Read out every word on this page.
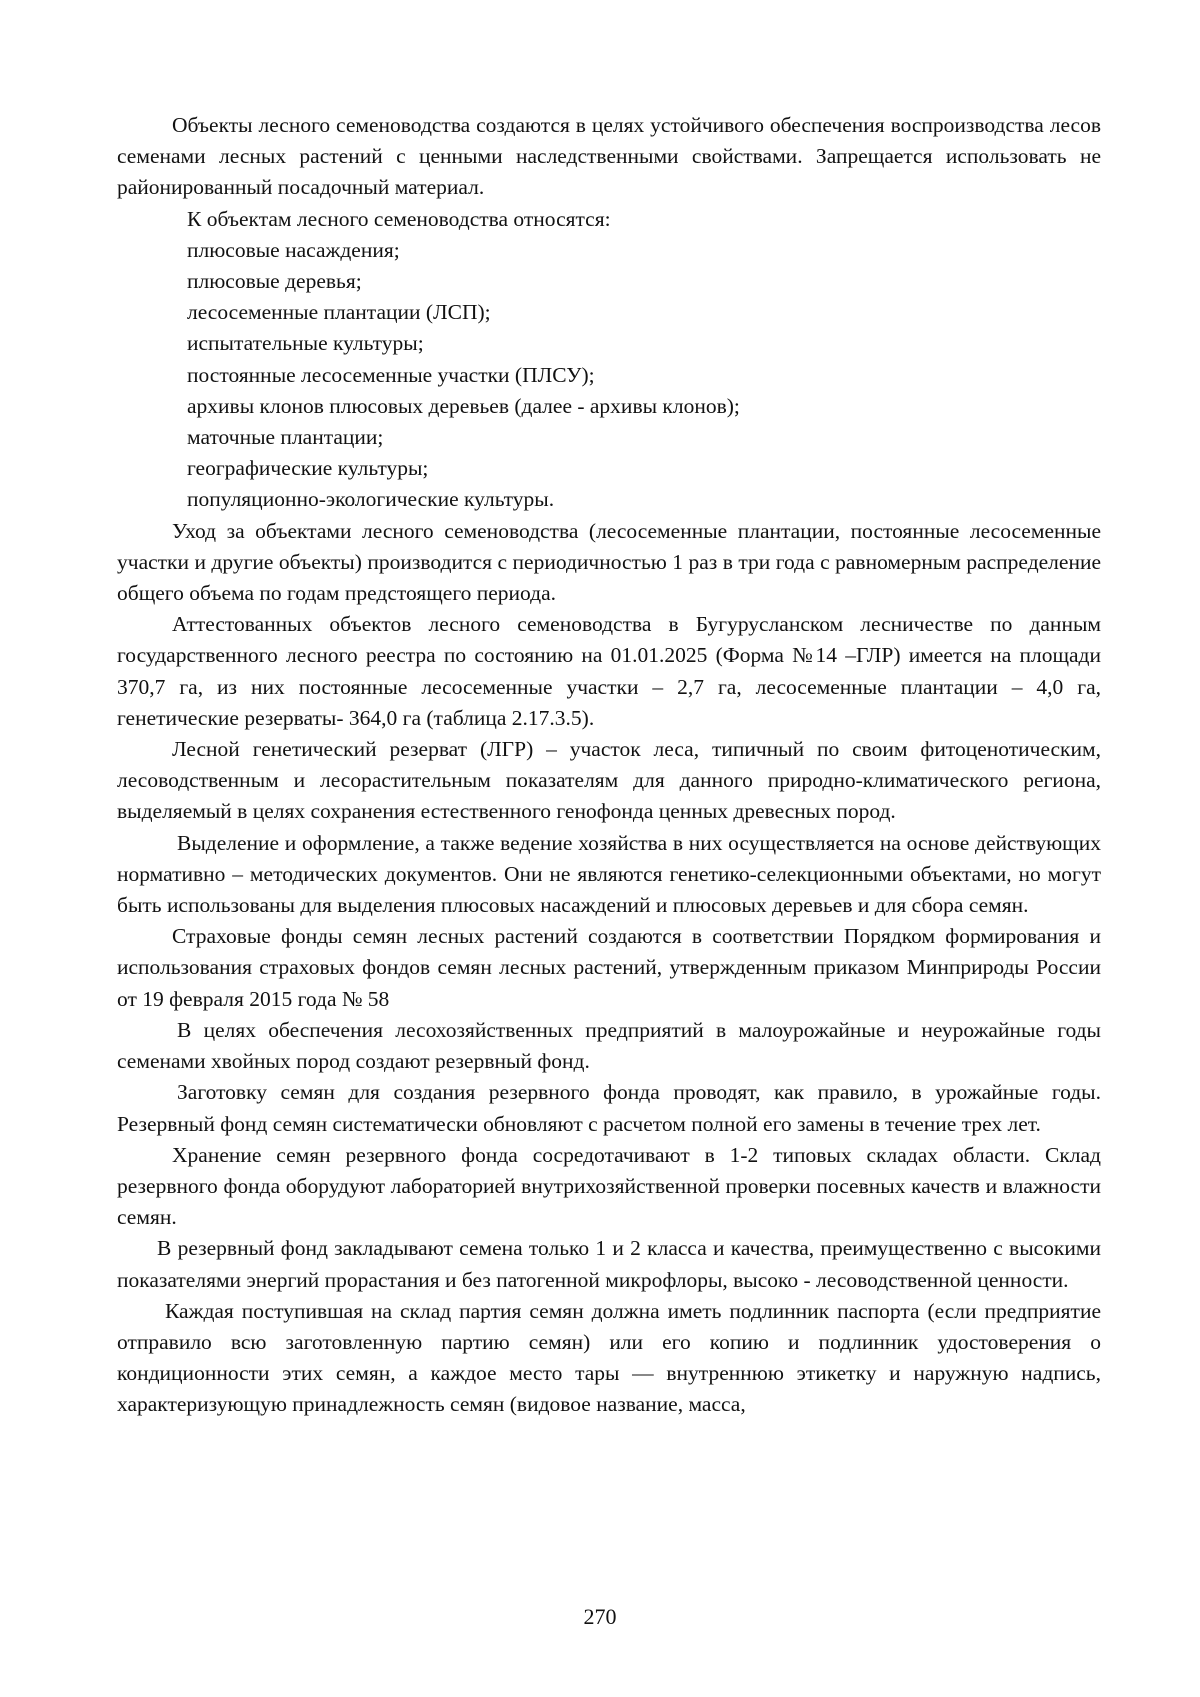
Объекты лесного семеноводства создаются в целях устойчивого обеспечения воспроизводства лесов семенами лесных растений с ценными наследственными свойствами. Запрещается использовать не районированный посадочный материал.

К объектам лесного семеноводства относятся:

плюсовые насаждения;
плюсовые деревья;
лесосеменные плантации (ЛСП);
испытательные культуры;
постоянные лесосеменные участки (ПЛСУ);
архивы клонов плюсовых деревьев (далее - архивы клонов);
маточные плантации;
географические культуры;
популяционно-экологические культуры.

Уход за объектами лесного семеноводства (лесосеменные плантации, постоянные лесосеменные участки и другие объекты) производится с периодичностью 1 раз в три года с равномерным распределение общего объема по годам предстоящего периода.

Аттестованных объектов лесного семеноводства в Бугурусланском лесничестве по данным государственного лесного реестра по состоянию на 01.01.2025 (Форма №14 –ГЛР) имеется на площади 370,7 га, из них постоянные лесосеменные участки – 2,7 га, лесосеменные плантации – 4,0 га, генетические резерваты- 364,0 га (таблица 2.17.3.5).

Лесной генетический резерват (ЛГР) – участок леса, типичный по своим фитоценотическим, лесоводственным и лесорастительным показателям для данного природно-климатического региона, выделяемый в целях сохранения естественного генофонда ценных древесных пород.

Выделение и оформление, а также ведение хозяйства в них осуществляется на основе действующих нормативно – методических документов. Они не являются генетико-селекционными объектами, но могут быть использованы для выделения плюсовых насаждений и плюсовых деревьев и для сбора семян.

Страховые фонды семян лесных растений создаются в соответствии Порядком формирования и использования страховых фондов семян лесных растений, утвержденным приказом Минприроды России от 19 февраля 2015 года № 58

В целях обеспечения лесохозяйственных предприятий в малоурожайные и неурожайные годы семенами хвойных пород создают резервный фонд.

Заготовку семян для создания резервного фонда проводят, как правило, в урожайные годы. Резервный фонд семян систематически обновляют с расчетом полной его замены в течение трех лет.

Хранение семян резервного фонда сосредотачивают в 1-2 типовых складах области. Склад резервного фонда оборудуют лабораторией внутрихозяйственной проверки посевных качеств и влажности семян.

В резервный фонд закладывают семена только 1 и 2 класса и качества, преимущественно с высокими показателями энергий прорастания и без патогенной микрофлоры, высоко - лесоводственной ценности.

Каждая поступившая на склад партия семян должна иметь подлинник паспорта (если предприятие отправило всю заготовленную партию семян) или его копию и подлинник удостоверения о кондиционности этих семян, а каждое место тары — внутреннюю этикетку и наружную надпись, характеризующую принадлежность семян (видовое название, масса,

270
